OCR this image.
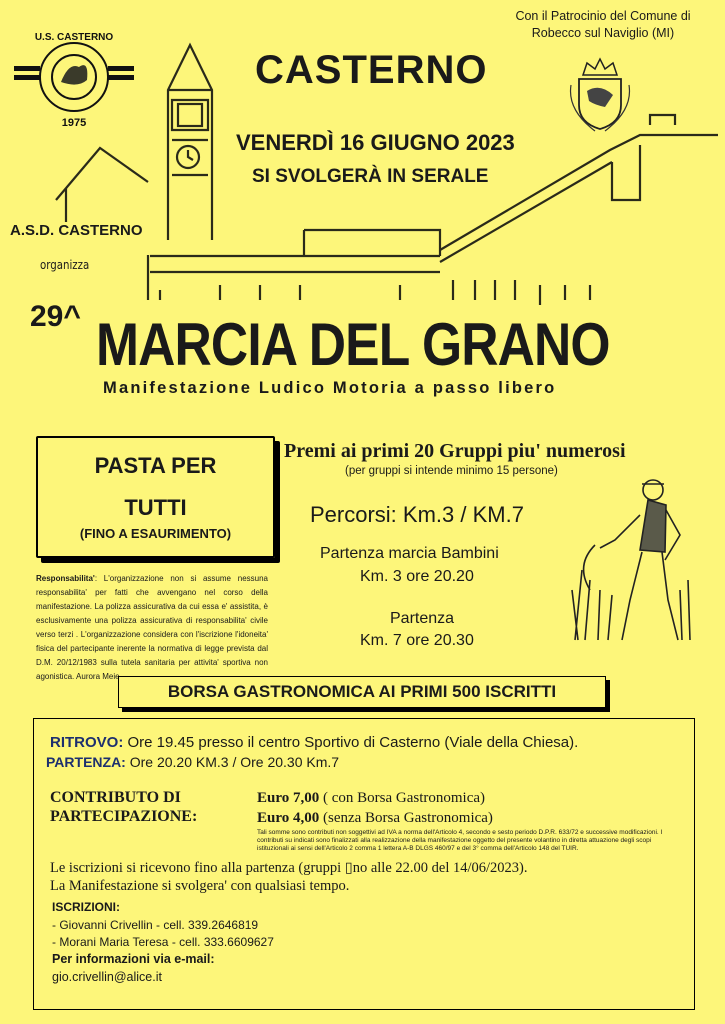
U.S. CASTERNO
1975
Con il Patrocinio del Comune di
Robecco sul Naviglio (MI)
CASTERNO
VENERDÌ 16 GIUGNO 2023
SI SVOLGERÀ IN SERALE
A.S.D. CASTERNO
organizza
29^ MARCIA DEL GRANO
Manifestazione Ludico Motoria a passo libero
PASTA PER
TUTTI
(FINO A ESAURIMENTO)
Responsabilita': L'organizzazione non si assume nessuna responsabilita' per fatti che avvengano nel corso della manifestazione. La polizza assicurativa da cui essa e' assistita, è esclusivamente una polizza assicurativa di responsabilita' civile verso terzi . L'organizzazione considera con l'iscrizione l'idoneita' fisica del partecipante inerente la normativa di legge prevista dal D.M. 20/12/1983 sulla tutela sanitaria per attivita' sportiva non agonistica. Aurora Meie
Premi ai primi 20 Gruppi piu' numerosi
(per gruppi si intende minimo 15 persone)
Percorsi: Km.3 / KM.7
Partenza marcia Bambini
Km. 3 ore 20.20
Partenza
Km. 7 ore 20.30
BORSA GASTRONOMICA AI PRIMI 500 ISCRITTI
RITROVO: Ore 19.45 presso il centro Sportivo di Casterno (Viale della Chiesa).
PARTENZA: Ore 20.20 KM.3 / Ore 20.30 Km.7
CONTRIBUTO DI
PARTECIPAZIONE:
Euro 7,00 ( con Borsa Gastronomica)
Euro 4,00 (senza Borsa Gastronomica)
Tali somme sono contributi non soggettivi ad IVA a norma dell'Articolo 4, secondo e sesto periodo D.P.R. 633/72 e successive modificazioni. I contributi su indicati sono finalizzati alla realizzazione della manifestazione oggetto del presente volantino in diretta attuazione degli scopi istituzionali ai sensi dell'Articolo 2 comma 1 lettera A-B DLGS 460/97 e del 3° comma dell'Articolo 148 del TUIR.
Le iscrizioni si ricevono fino alla partenza (gruppi ▯no alle 22.00 del 14/06/2023).
La Manifestazione si svolgera' con qualsiasi tempo.
ISCRIZIONI:
- Giovanni Crivellin - cell. 339.2646819
- Morani Maria Teresa - cell. 333.6609627
Per informazioni via e-mail:
gio.crivellin@alice.it
